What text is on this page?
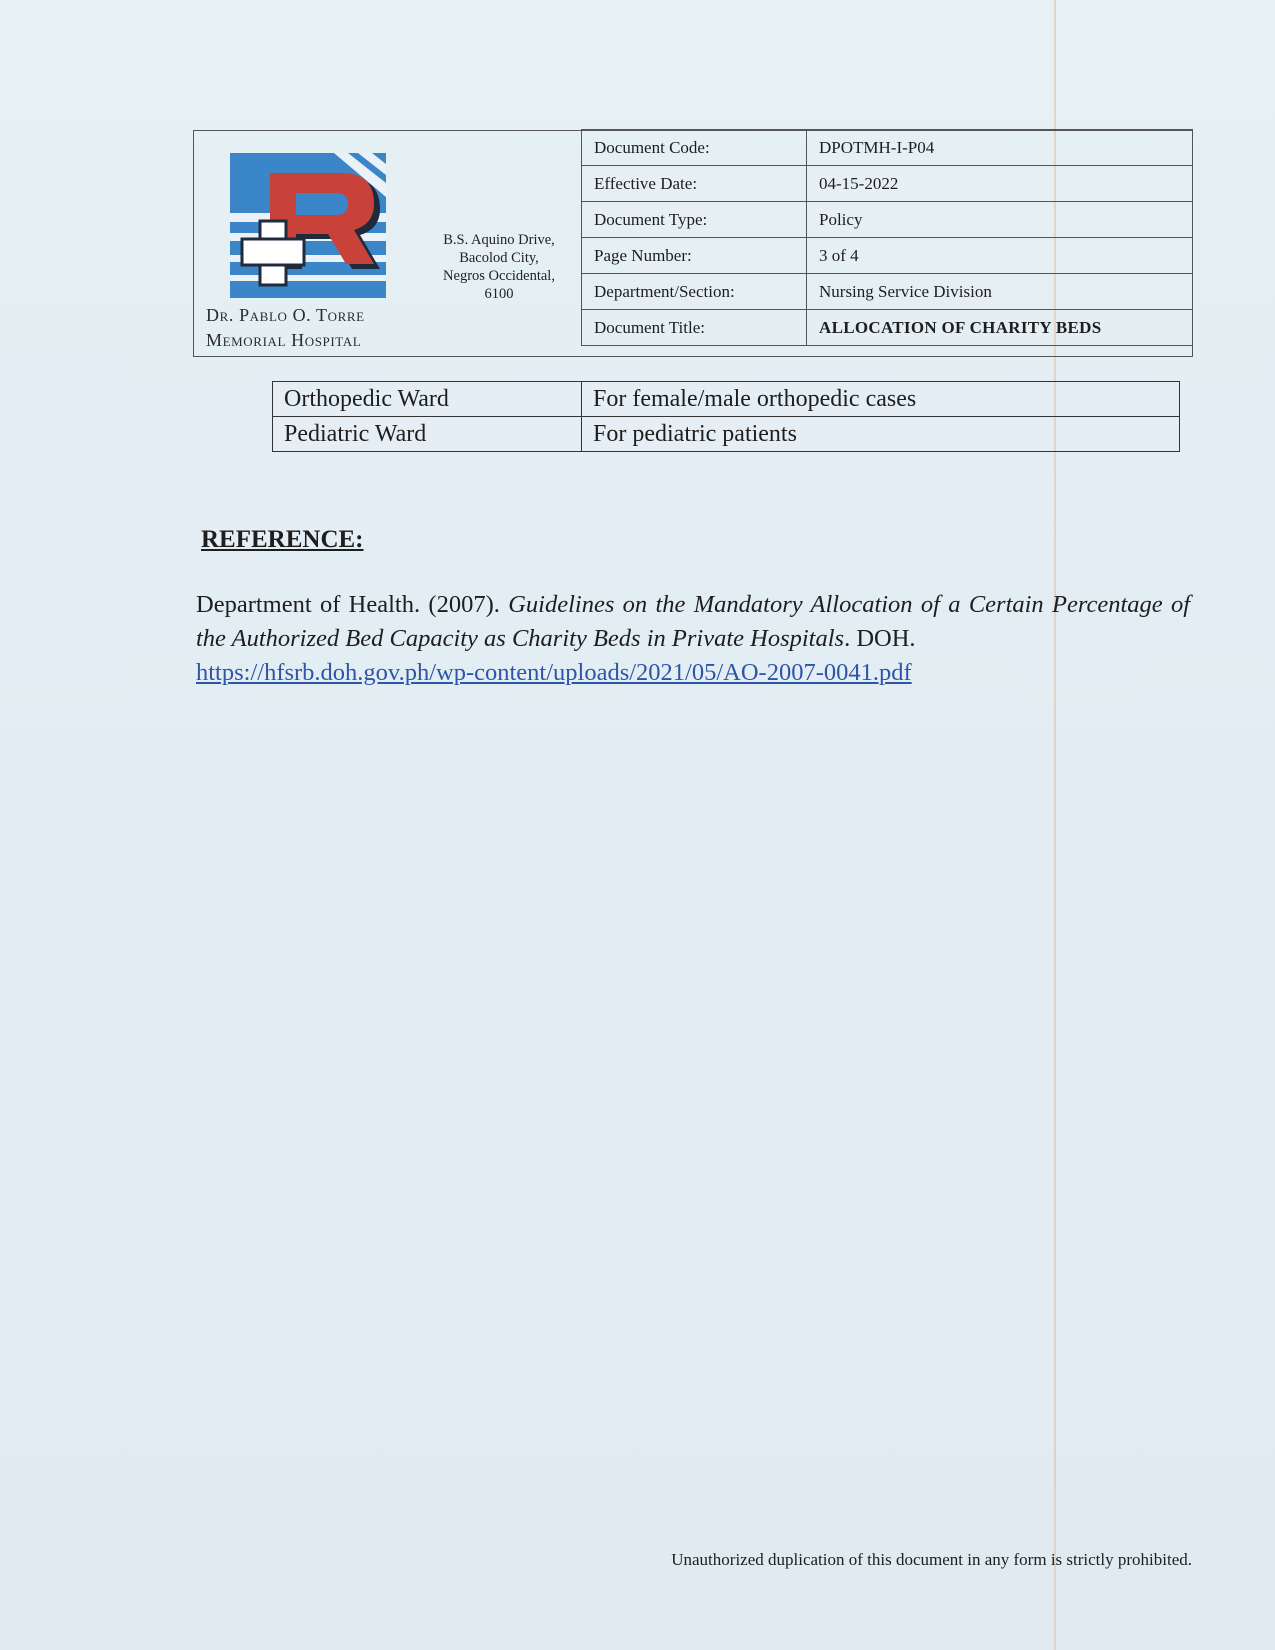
Dr. Pablo O. Torre
Memorial Hospital
B.S. Aquino Drive,
Bacolod City,
Negros Occidental,
6100
Document Code:	DPOTMH-I-P04
Effective Date:	04-15-2022
Document Type:	Policy
Page Number:	3 of 4
Department/Section:	Nursing Service Division
Document Title:	ALLOCATION OF CHARITY BEDS
Orthopedic Ward	For female/male orthopedic cases
Pediatric Ward	For pediatric patients
REFERENCE:
Department of Health. (2007). Guidelines on the Mandatory Allocation of a Certain Percentage of the Authorized Bed Capacity as Charity Beds in Private Hospitals. DOH.
https://hfsrb.doh.gov.ph/wp-content/uploads/2021/05/AO-2007-0041.pdf
Unauthorized duplication of this document in any form is strictly prohibited.
